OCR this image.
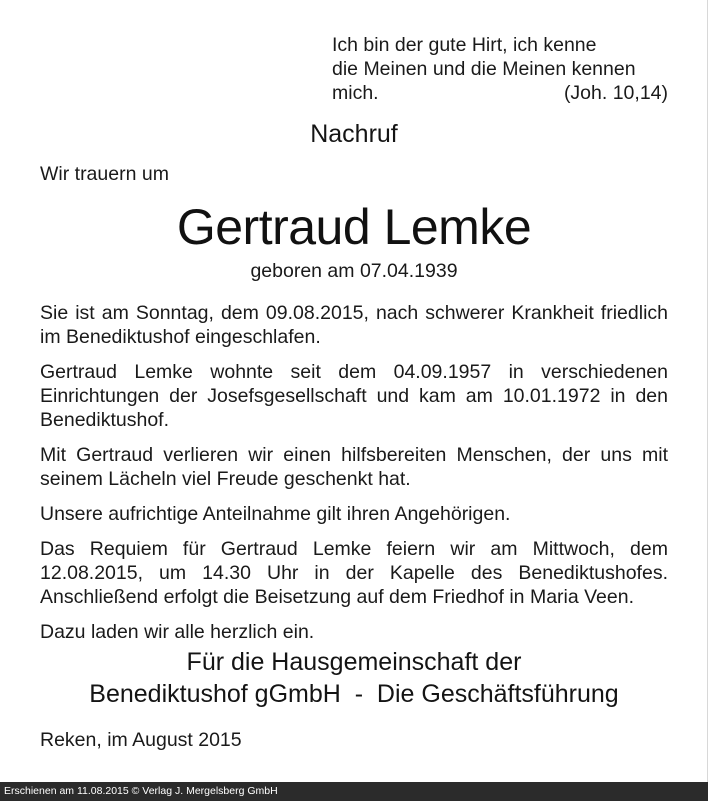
Ich bin der gute Hirt, ich kenne
die Meinen und die Meinen kennen
mich.	(Joh. 10,14)
Nachruf
Wir trauern um
Gertraud Lemke
geboren am 07.04.1939

Sie ist am Sonntag, dem 09.08.2015, nach schwerer Krankheit friedlich im Benediktushof eingeschlafen.

Gertraud Lemke wohnte seit dem 04.09.1957 in verschiedenen Einrichtungen der Josefsgesellschaft und kam am 10.01.1972 in den Benediktushof.

Mit Gertraud verlieren wir einen hilfsbereiten Menschen, der uns mit seinem Lächeln viel Freude geschenkt hat.

Unsere aufrichtige Anteilnahme gilt ihren Angehörigen.

Das Requiem für Gertraud Lemke feiern wir am Mittwoch, dem 12.08.2015, um 14.30 Uhr in der Kapelle des Benediktushofes. Anschließend erfolgt die Beisetzung auf dem Friedhof in Maria Veen.

Dazu laden wir alle herzlich ein.

Für die Hausgemeinschaft der
Benediktushof gGmbH  -  Die Geschäftsführung
Reken, im August 2015
Erschienen am 11.08.2015 © Verlag J. Mergelsberg GmbH
